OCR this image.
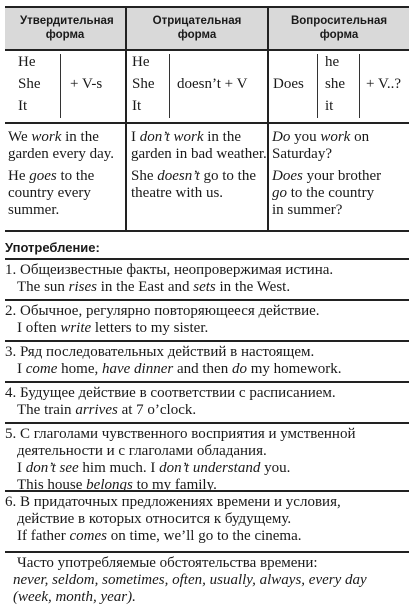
Утвердительная форма
Отрицательная форма
Вопросительная форма
He
She
It
+ V-s
He
She
It
doesn’t + V Does
he
she
it
+ V..?
We work in the
garden every day.
He goes to the
country every
summer.
I don’t work in the
garden in bad weather.
She doesn’t go to the
theatre with us.
Do you work on
Saturday?
Does your brother
go to the country
in summer?
Употребление:
1. Общеизвестные факты, неопровержимая истина.
The sun rises in the East and sets in the West.
2. Обычное, регулярно повторяющееся действие.
I often write letters to my sister.
3. Ряд последовательных действий в настоящем.
I come home, have dinner and then do my homework.
4. Будущее действие в соответствии с расписанием.
The train arrives at 7 o’clock.
5. С глаголами чувственного восприятия и умственной
деятельности и с глаголами обладания.
I don’t see him much. I don’t understand you.
This house belongs to my family.
6. В придаточных предложениях времени и условия,
действие в которых относится к будущему.
If father comes on time, we’ll go to the cinema.
Часто употребляемые обстоятельства времени:
never, seldom, sometimes, often, usually, always, every day
(week, month, year).
